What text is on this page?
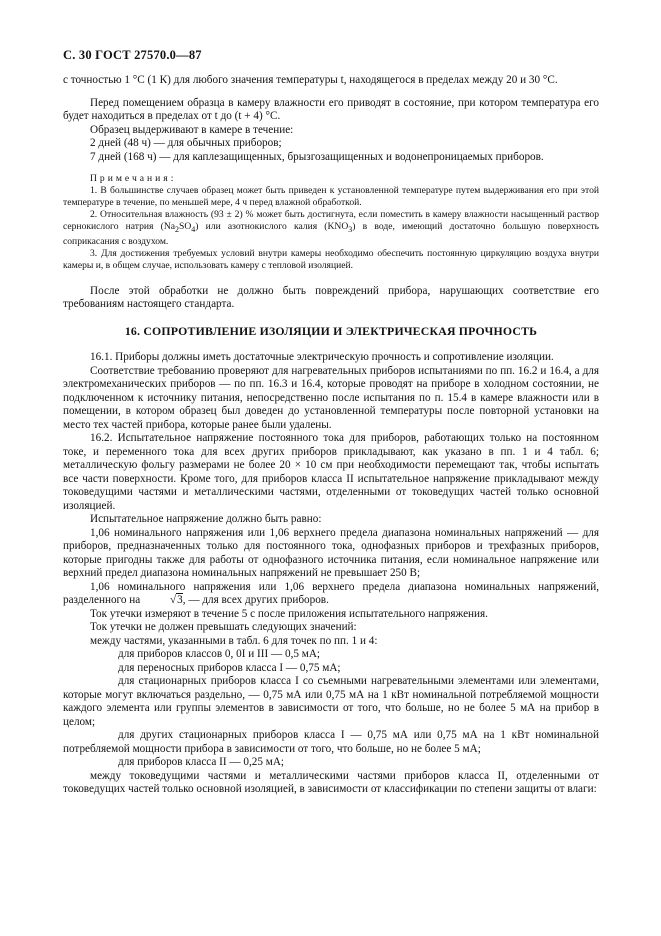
С. 30 ГОСТ 27570.0—87

с точностью 1 °С (1 К) для любого значения температуры t, находящегося в пределах между 20 и 30 °С.

Перед помещением образца в камеру влажности его приводят в состояние, при котором температура его будет находиться в пределах от t до (t + 4) °С.

Образец выдерживают в камере в течение:

2 дней (48 ч) — для обычных приборов;

7 дней (168 ч) — для каплезащищенных, брызгозащищенных и водонепроницаемых приборов.

Примечания:

1. В большинстве случаев образец может быть приведен к установленной температуре путем выдерживания его при этой температуре в течение, по меньшей мере, 4 ч перед влажной обработкой.

2. Относительная влажность (93 ± 2) % может быть достигнута, если поместить в камеру влажности насыщенный раствор сернокислого натрия $(Na_2SO_4)$ или азотнокислого калия $(KNO_3)$ в воде, имеющий достаточно большую поверхность соприкасания с воздухом.

3. Для достижения требуемых условий внутри камеры необходимо обеспечить постоянную циркуляцию воздуха внутри камеры и, в общем случае, использовать камеру с тепловой изоляцией.

После этой обработки не должно быть повреждений прибора, нарушающих соответствие его требованиям настоящего стандарта.

16. СОПРОТИВЛЕНИЕ ИЗОЛЯЦИИ И ЭЛЕКТРИЧЕСКАЯ ПРОЧНОСТЬ

16.1. Приборы должны иметь достаточные электрическую прочность и сопротивление изоляции.

Соответствие требованию проверяют для нагревательных приборов испытаниями по пп. 16.2 и 16.4, а для электромеханических приборов — по пп. 16.3 и 16.4, которые проводят на приборе в холодном состоянии, не подключенном к источнику питания, непосредственно после испытания по п. 15.4 в камере влажности или в помещении, в котором образец был доведен до установленной температуры после повторной установки на место тех частей прибора, которые ранее были удалены.

16.2. Испытательное напряжение постоянного тока для приборов, работающих только на постоянном токе, и переменного тока для всех других приборов прикладывают, как указано в пп. 1 и 4 табл. 6; металлическую фольгу размерами не более 20 × 10 см при необходимости перемещают так, чтобы испытать все части поверхности. Кроме того, для приборов класса II испытательное напряжение прикладывают между токоведущими частями и металлическими частями, отделенными от токоведущих частей только основной изоляцией.

Испытательное напряжение должно быть равно:

1,06 номинального напряжения или 1,06 верхнего предела диапазона номинальных напряжений — для приборов, предназначенных только для постоянного тока, однофазных приборов и трехфазных приборов, которые пригодны также для работы от однофазного источника питания, если номинальное напряжение или верхний предел диапазона номинальных напряжений не превышает 250 В;

1,06 номинального напряжения или 1,06 верхнего предела диапазона номинальных напряжений, разделенного на	√3, — для всех других приборов.

Ток утечки измеряют в течение 5 с после приложения испытательного напряжения.

Ток утечки не должен превышать следующих значений:

между частями, указанными в табл. 6 для точек по пп. 1 и 4:

для приборов классов 0, 0I и III — 0,5 мА;

для переносных приборов класса I — 0,75 мА;

для стационарных приборов класса I со съемными нагревательными элементами или элементами, которые могут включаться раздельно, — 0,75 мА или 0,75 мА на 1 кВт номинальной потребляемой мощности каждого элемента или группы элементов в зависимости от того, что больше, но не более 5 мА на прибор в целом;

для других стационарных приборов класса I — 0,75 мА или 0,75 мА на 1 кВт номинальной потребляемой мощности прибора в зависимости от того, что больше, но не более 5 мА;

для приборов класса II — 0,25 мА;

между токоведущими частями и металлическими частями приборов класса II, отделенными от токоведущих частей только основной изоляцией, в зависимости от классификации по степени защиты от влаги:
